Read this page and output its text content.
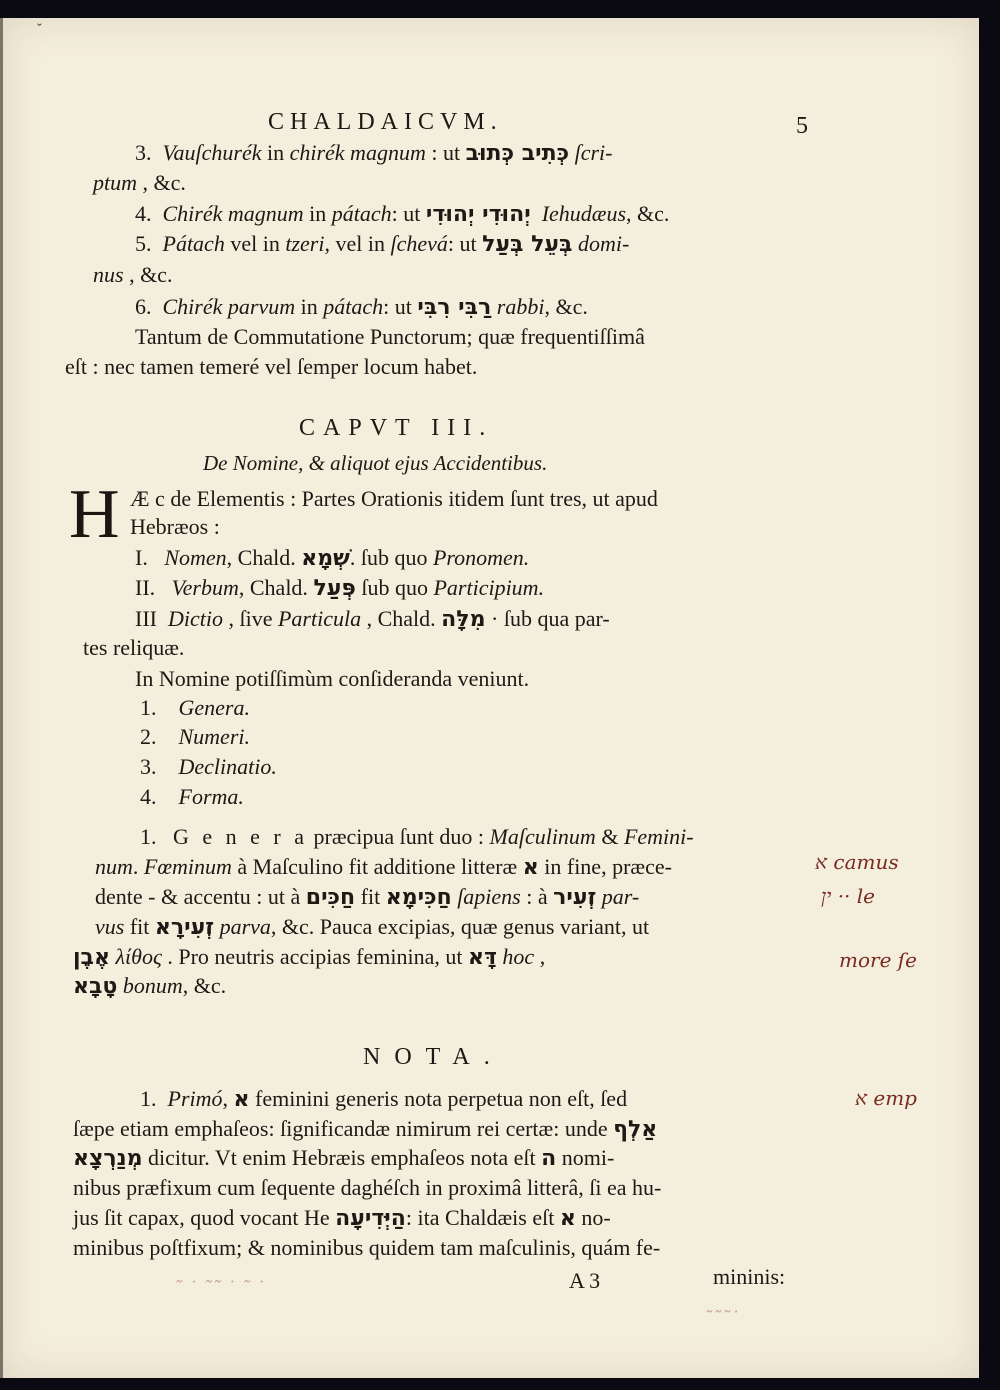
ˇ
CHALDAICVM.	5
3. Vauſchurék in chirék magnum : ut כְּתִיב כְּתוּב ſcri-
ptum , &c.
4. Chirék magnum in pátach: ut יְהוּדִי יְהוּדִי Iehudæus, &c.
5. Pátach vel in tzeri, vel in ſchevá: ut בְּעֵל בְּעַל domi-
nus , &c.
6. Chirék parvum in pátach: ut רַבִּי רִבִּי rabbi, &c.
Tantum de Commutatione Punctorum; quæ frequentiſſimâ
eſt : nec tamen temeré vel ſemper locum habet.
CAPVT III.
De Nomine, & aliquot ejus Accidentibus.
H Æ c de Elementis : Partes Orationis itidem ſunt tres, ut apud
Hebræos :
I. Nomen, Chald. שְׁמָא. ſub quo Pronomen.
II. Verbum, Chald. פְּעַל ſub quo Participium.
III Dictio , ſive Particula , Chald. מִלָּה · ſub qua par-
tes reliquæ.
In Nomine potiſſimùm conſideranda veniunt.
1. Genera.
2. Numeri.
3. Declinatio.
4. Forma.
1. G e n e r a præcipua ſunt duo : Maſculinum & Femini-
num. Fœminum à Maſculino fit additione litteræ א in fine, præce-
dente - & accentu : ut à חַכִּים fit חַכִּימָא ſapiens : à זְעִיר par-
vus fit זְעִירָא parva, &c. Pauca excipias, quæ genus variant, ut
אֶבֶן λίθος . Pro neutris accipias feminina, ut דָּא hoc ,
טָבָא bonum, &c.
NOTA.
1. Primó, א feminini generis nota perpetua non eſt, ſed
ſæpe etiam emphaſeos: ſignificandæ nimirum rei certæ: unde אַלְף
מְנַרְצָא dicitur. Vt enim Hebræis emphaſeos nota eſt ה nomi-
nibus præfixum cum ſequente daghéſch in proximâ litterâ, ſi ea hu-
jus ſit capax, quod vocant He הַיְּדִיעָה: ita Chaldæis eſt א no-
minibus poſtfixum; & nominibus quidem tam maſculinis, quám fe-
mininis:
A 3
א camus
ין ·· le
more ſe
א emp
˜ ˙ ˜˜ ˙ ˜ ˙
˜˜˜˙
